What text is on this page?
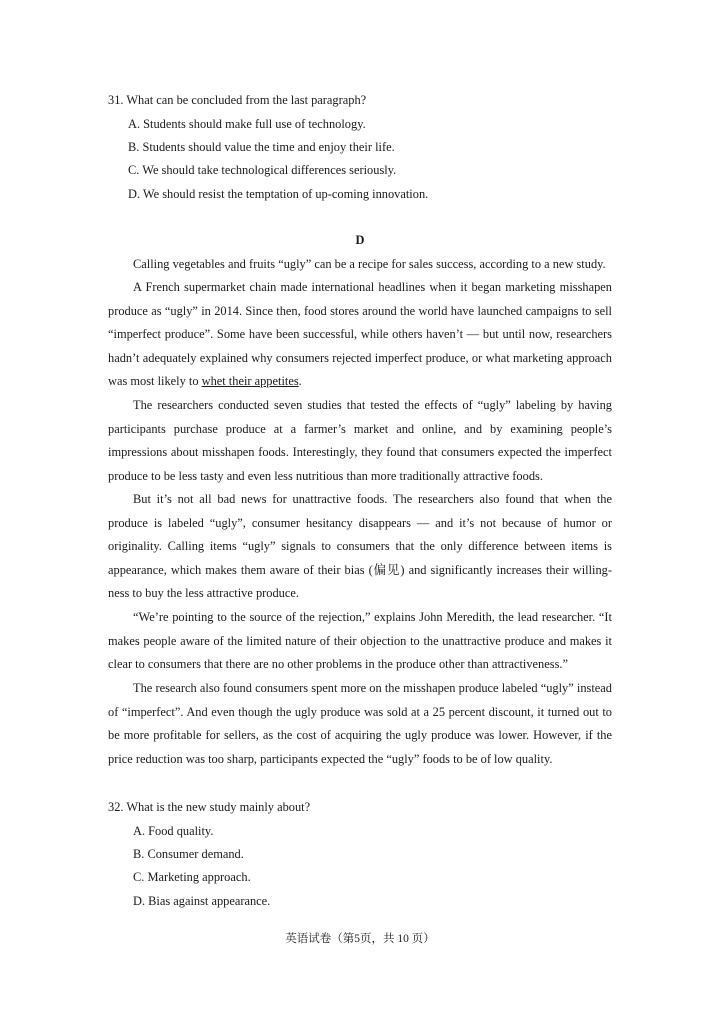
31. What can be concluded from the last paragraph?
A. Students should make full use of technology.
B. Students should value the time and enjoy their life.
C. We should take technological differences seriously.
D. We should resist the temptation of up-coming innovation.
D
Calling vegetables and fruits “ugly” can be a recipe for sales success, according to a new study.
A French supermarket chain made international headlines when it began marketing misshapen produce as “ugly” in 2014. Since then, food stores around the world have launched campaigns to sell “imperfect produce”. Some have been successful, while others haven’t — but until now, researchers hadn’t adequately explained why consumers rejected imperfect produce, or what marketing approach was most likely to whet their appetites.
The researchers conducted seven studies that tested the effects of “ugly” labeling by having participants purchase produce at a farmer’s market and online, and by examining people’s impressions about misshapen foods. Interestingly, they found that consumers expected the imperfect produce to be less tasty and even less nutritious than more traditionally attractive foods.
But it’s not all bad news for unattractive foods. The researchers also found that when the produce is labeled “ugly”, consumer hesitancy disappears — and it’s not because of humor or originality. Calling items “ugly” signals to consumers that the only difference between items is appearance, which makes them aware of their bias (偏见) and significantly increases their willing-ness to buy the less attractive produce.
“We’re pointing to the source of the rejection,” explains John Meredith, the lead researcher. “It makes people aware of the limited nature of their objection to the unattractive produce and makes it clear to consumers that there are no other problems in the produce other than attractiveness.”
The research also found consumers spent more on the misshapen produce labeled “ugly” instead of “imperfect”. And even though the ugly produce was sold at a 25 percent discount, it turned out to be more profitable for sellers, as the cost of acquiring the ugly produce was lower. However, if the price reduction was too sharp, participants expected the “ugly” foods to be of low quality.
32. What is the new study mainly about?
A. Food quality.
B. Consumer demand.
C. Marketing approach.
D. Bias against appearance.
英语试卷（第5页，共 10 页）
